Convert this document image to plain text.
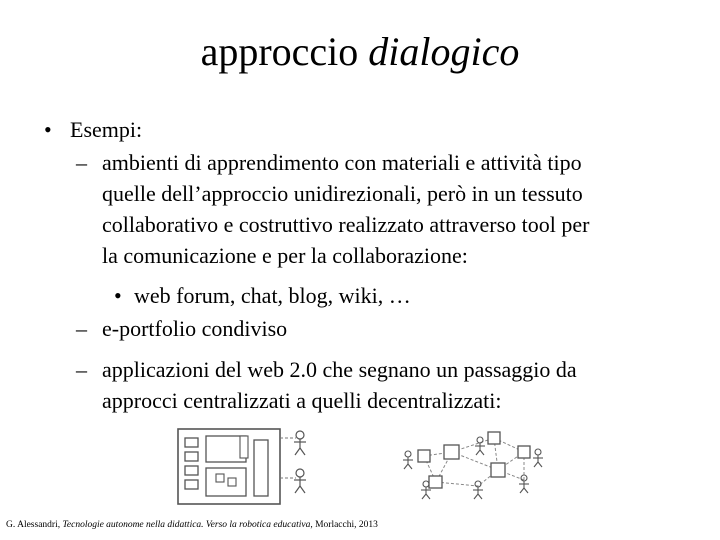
approccio dialogico
• Esempi:
– ambienti di apprendimento con materiali e attività tipo
quelle dell’approccio unidirezionali, però in un tessuto
collaborativo e costruttivo realizzato attraverso tool per
la comunicazione e per la collaborazione:
• web forum, chat, blog, wiki, …
– e-portfolio condiviso
– applicazioni del web 2.0 che segnano un passaggio da
approcci centralizzati a quelli decentralizzati:
G. Alessandri, Tecnologie autonome nella didattica. Verso la robotica educativa, Morlacchi, 2013
